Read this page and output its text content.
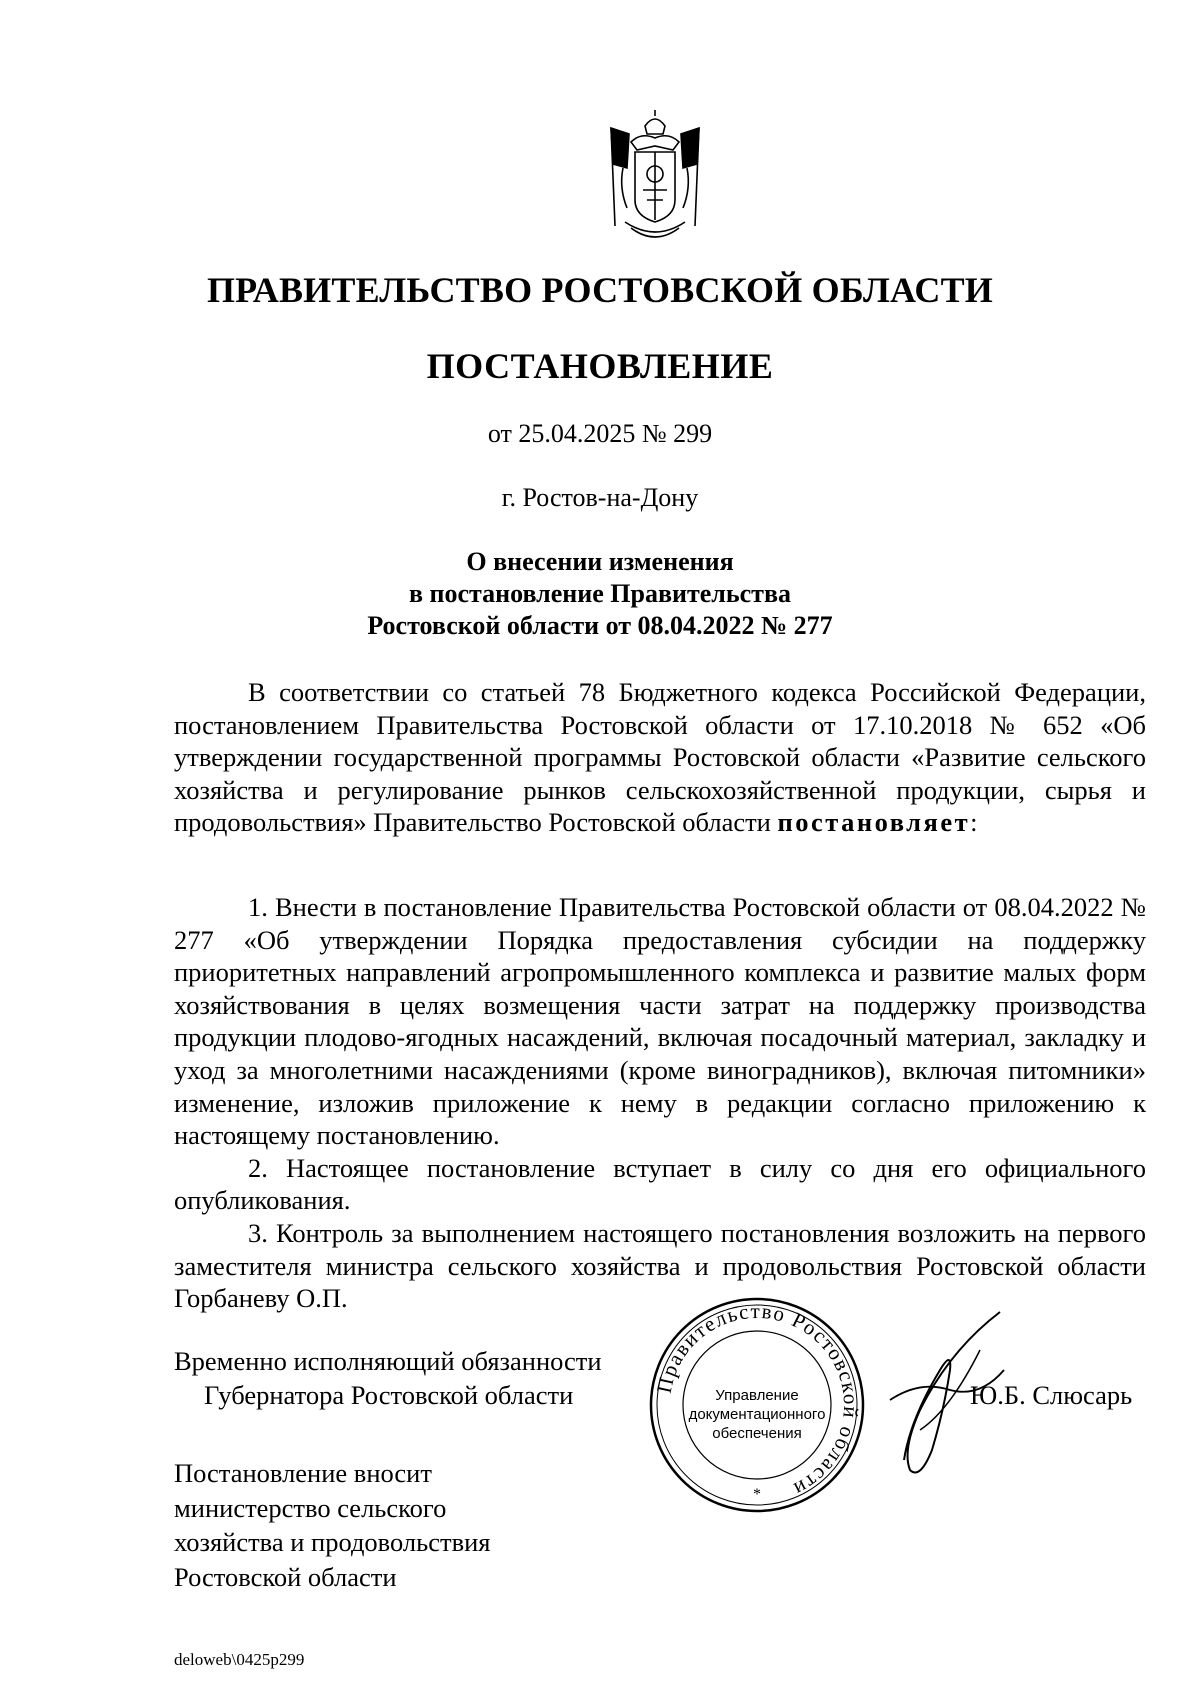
ПРАВИТЕЛЬСТВО РОСТОВСКОЙ ОБЛАСТИ
ПОСТАНОВЛЕНИЕ
от 25.04.2025 № 299
г. Ростов-на-Дону
О внесении изменения
в постановление Правительства
Ростовской области от 08.04.2022 № 277

В соответствии со статьей 78 Бюджетного кодекса Российской Федерации, постановлением Правительства Ростовской области от 17.10.2018 № 652 «Об утверждении государственной программы Ростовской области «Развитие сельского хозяйства и регулирование рынков сельскохозяйственной продукции, сырья и продовольствия» Правительство Ростовской области постановляет:

1. Внести в постановление Правительства Ростовской области от 08.04.2022 № 277 «Об утверждении Порядка предоставления субсидии на поддержку приоритетных направлений агропромышленного комплекса и развитие малых форм хозяйствования в целях возмещения части затрат на поддержку производства продукции плодово-ягодных насаждений, включая посадочный материал, закладку и уход за многолетними насаждениями (кроме виноградников), включая питомники» изменение, изложив приложение к нему в редакции согласно приложению к настоящему постановлению.

2. Настоящее постановление вступает в силу со дня его официального опубликования.

3. Контроль за выполнением настоящего постановления возложить на первого заместителя министра сельского хозяйства и продовольствия Ростовской области Горбаневу О.П.

Временно исполняющий обязанности
Губернатора Ростовской области	Правительство Ростовской области
*
Управление
документационного
обеспечения
Ю.Б. Слюсарь
Постановление вносит
министерство сельского
хозяйства и продовольствия
Ростовской области
deloweb\0425p299
